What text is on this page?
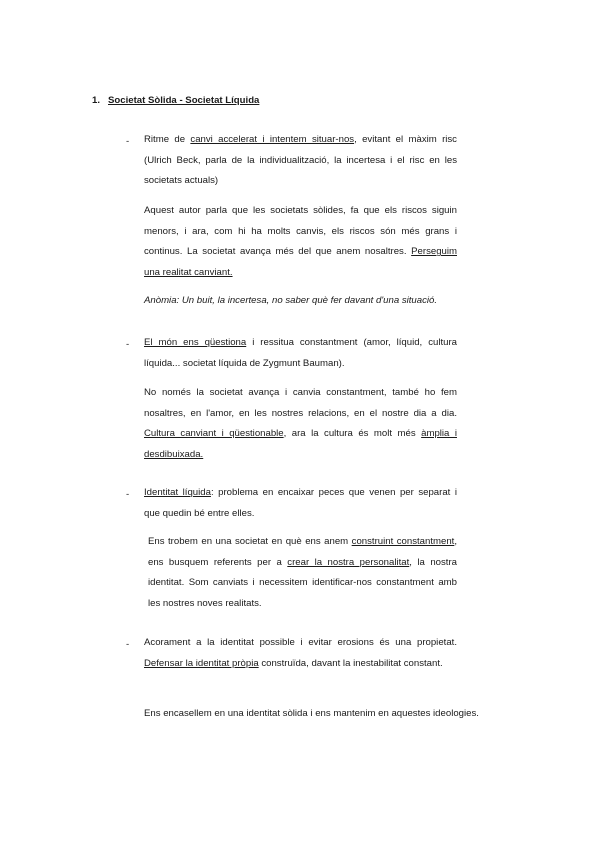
1. Societat Sòlida - Societat Líquida
-	Ritme de canvi accelerat i intentem situar-nos, evitant el màxim risc (Ulrich Beck, parla de la individualització, la incertesa i el risc en les societats actuals)
Aquest autor parla que les societats sòlides, fa que els riscos siguin menors, i ara, com hi ha molts canvis, els riscos són més grans i continus. La societat avança més del que anem nosaltres. Perseguim una realitat canviant.
Anòmia: Un buit, la incertesa, no saber què fer davant d'una situació.
-	El món ens qüestiona i ressitua constantment (amor, líquid, cultura líquida... societat líquida de Zygmunt Bauman).
No només la societat avança i canvia constantment, també ho fem nosaltres, en l'amor, en les nostres relacions, en el nostre dia a dia. Cultura canviant i qüestionable, ara la cultura és molt més àmplia i desdibuixada.
-	Identitat líquida: problema en encaixar peces que venen per separat i que quedin bé entre elles.
Ens trobem en una societat en què ens anem construint constantment, ens busquem referents per a crear la nostra personalitat, la nostra identitat. Som canviats i necessitem identificar-nos constantment amb les nostres noves realitats.
-	Acorament a la identitat possible i evitar erosions és una propietat. Defensar la identitat pròpia construïda, davant la inestabilitat constant.
Ens encasellem en una identitat sòlida i ens mantenim en aquestes ideologies.
